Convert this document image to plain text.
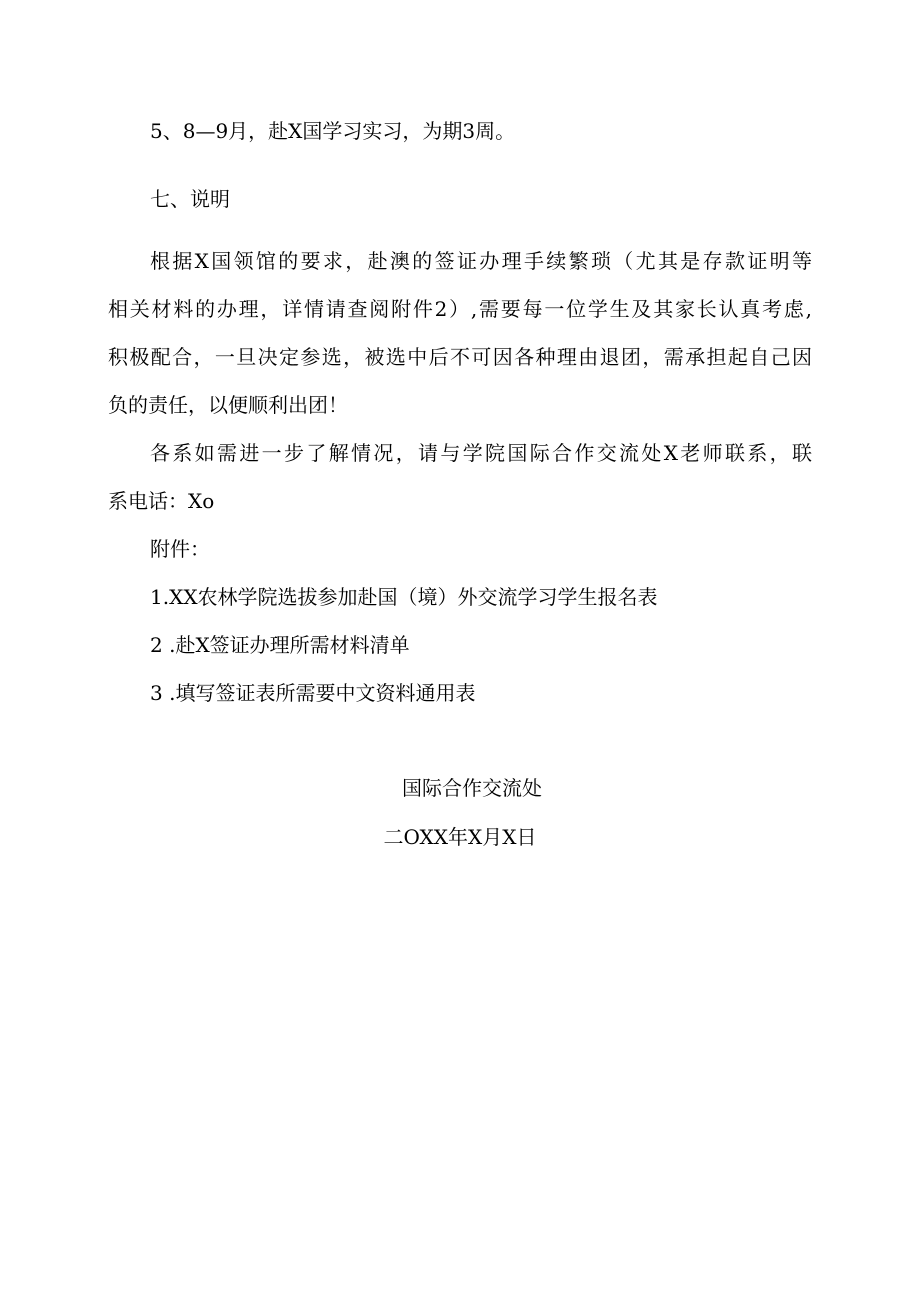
5、8—9月，赴X国学习实习，为期3周。

七、说明

根据X国领馆的要求，赴澳的签证办理手续繁琐（尤其是存款证明等

相关材料的办理，详情请查阅附件2）,需要每一位学生及其家长认真考虑,

积极配合，一旦决定参选，被选中后不可因各种理由退团，需承担起自己因

负的责任，以便顺利出团！

各系如需进一步了解情况，请与学院国际合作交流处X老师联系，联

系电话：Xo

附件：

1.XX农林学院选拔参加赴国（境）外交流学习学生报名表

2 .赴X签证办理所需材料清单

3 .填写签证表所需要中文资料通用表

国际合作交流处

二OXX年X月X日
